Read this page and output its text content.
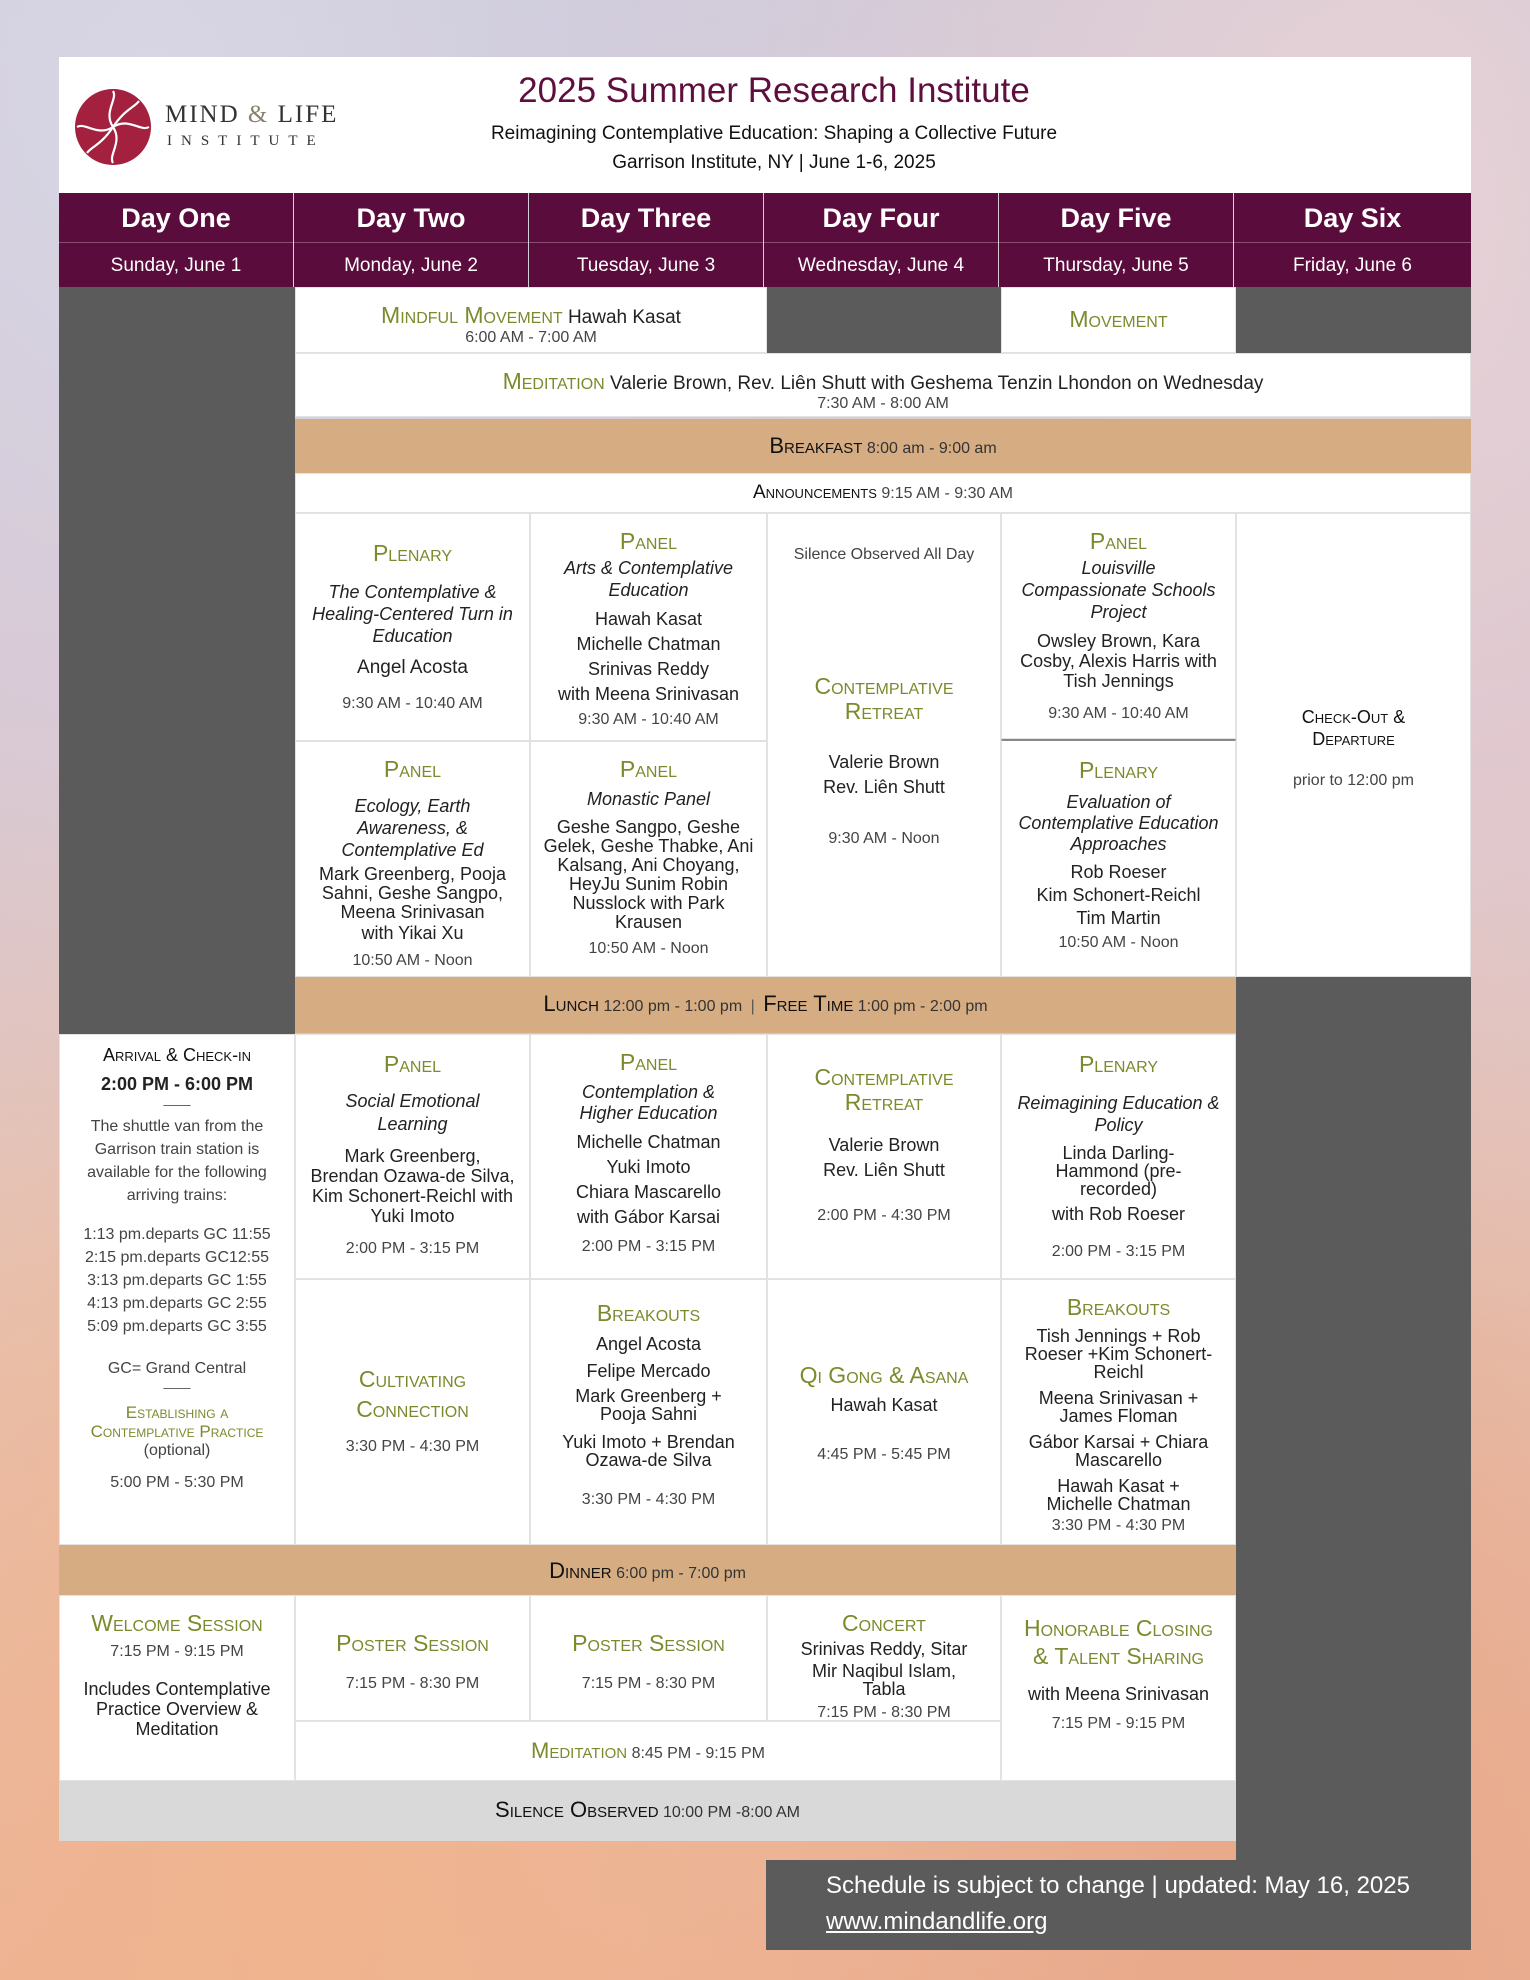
MIND & LIFE
INSTITUTE
2025 Summer Research Institute
Reimagining Contemplative Education: Shaping a Collective Future
Garrison Institute, NY | June 1-6, 2025
Day One
Sunday, June 1
Day Two
Monday, June 2
Day Three
Tuesday, June 3
Day Four
Wednesday, June 4
Day Five
Thursday, June 5
Day Six
Friday, June 6

Mindful Movement Hawah Kasat

6:00 AM - 7:00 AM

Movement

Meditation Valerie Brown, Rev. Liên Shutt with Geshema Tenzin Lhondon on Wednesday

7:30 AM - 8:00 AM

Breakfast 8:00 am - 9:00 am
Announcements 9:15 AM - 9:30 AM

Plenary

The Contemplative & Healing-Centered Turn in Education

Angel Acosta

9:30 AM - 10:40 AM

Panel

Arts & Contemplative Education

Hawah Kasat

Michelle Chatman

Srinivas Reddy

with Meena Srinivasan

9:30 AM - 10:40 AM

Silence Observed All Day

Contemplative Retreat

Valerie Brown

Rev. Liên Shutt

9:30 AM - Noon

Panel

Louisville Compassionate Schools Project

Owsley Brown, Kara Cosby, Alexis Harris with Tish Jennings

9:30 AM - 10:40 AM	Check-Out & Departure

prior to 12:00 pm

Panel

Ecology, Earth Awareness, & Contemplative Ed

Mark Greenberg, Pooja Sahni, Geshe Sangpo, Meena Srinivasan

with Yikai Xu

10:50 AM - Noon

Panel

Monastic Panel

Geshe Sangpo, Geshe Gelek, Geshe Thabke, Ani Kalsang, Ani Choyang, HeyJu Sunim Robin Nusslock with Park Krausen

10:50 AM - Noon

Plenary

Evaluation of Contemplative Education Approaches

Rob Roeser

Kim Schonert-Reichl

Tim Martin

10:50 AM - Noon

Lunch 12:00 pm - 1:00 pm | Free Time 1:00 pm - 2:00 pm

Arrival & Check-in

2:00 PM - 6:00 PM

___

The shuttle van from the Garrison train station is available for the following arriving trains:

1:13 pm.departs GC 11:55

2:15 pm.departs GC12:55

3:13 pm.departs GC 1:55

4:13 pm.departs GC 2:55

5:09 pm.departs GC 3:55

GC= Grand Central

___

Establishing a Contemplative Practice (optional)

5:00 PM - 5:30 PM

Panel

Social Emotional Learning

Mark Greenberg, Brendan Ozawa-de Silva, Kim Schonert-Reichl with Yuki Imoto

2:00 PM - 3:15 PM

Panel

Contemplation & Higher Education

Michelle Chatman

Yuki Imoto

Chiara Mascarello

with Gábor Karsai

2:00 PM - 3:15 PM

Contemplative Retreat

Valerie Brown

Rev. Liên Shutt

2:00 PM - 4:30 PM

Plenary

Reimagining Education & Policy

Linda Darling-Hammond (pre-recorded)

with Rob Roeser

2:00 PM - 3:15 PM

Cultivating Connection

3:30 PM - 4:30 PM

Breakouts

Angel Acosta

Felipe Mercado

Mark Greenberg + Pooja Sahni

Yuki Imoto + Brendan Ozawa-de Silva

3:30 PM - 4:30 PM

Qi Gong & Asana

Hawah Kasat

4:45 PM - 5:45 PM

Breakouts

Tish Jennings + Rob Roeser +Kim Schonert-Reichl

Meena Srinivasan + James Floman

Gábor Karsai + Chiara Mascarello

Hawah Kasat + Michelle Chatman

3:30 PM - 4:30 PM

Dinner 6:00 pm - 7:00 pm

Welcome Session

7:15 PM - 9:15 PM

Includes Contemplative Practice Overview & Meditation

Poster Session

7:15 PM - 8:30 PM

Poster Session

7:15 PM - 8:30 PM

Concert

Srinivas Reddy, Sitar

Mir Naqibul Islam, Tabla

7:15 PM - 8:30 PM

Honorable Closing & Talent Sharing

with Meena Srinivasan

7:15 PM - 9:15 PM

Meditation 8:45 PM - 9:15 PM
Silence Observed 10:00 PM -8:00 AM
Schedule is subject to change | updated: May 16, 2025
www.mindandlife.org
